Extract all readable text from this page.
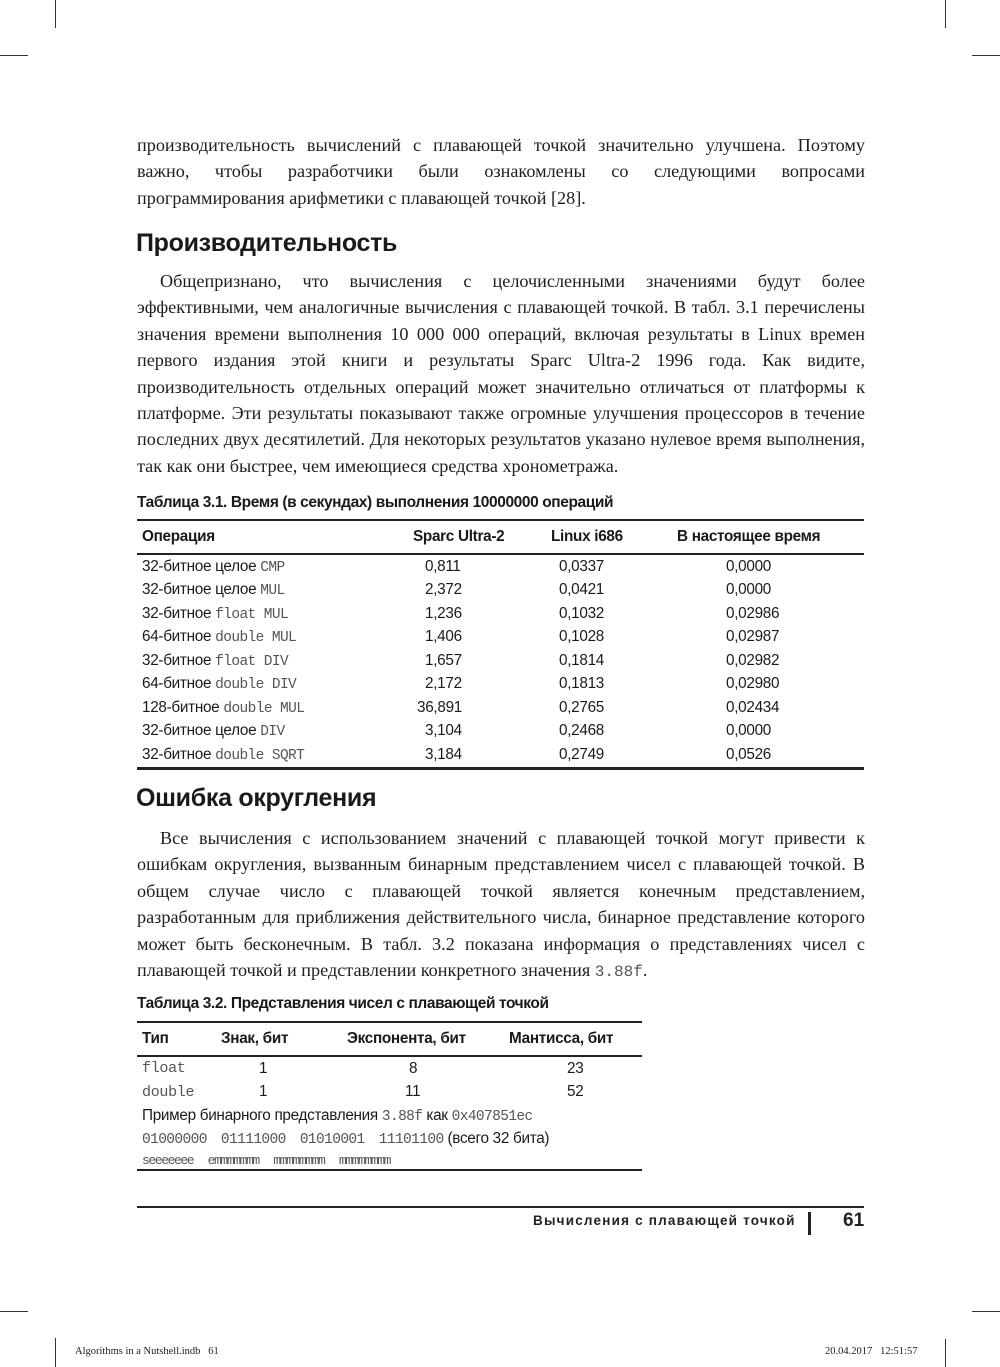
производительность вычислений с плавающей точкой значительно улучшена. Поэтому важно, чтобы разработчики были ознакомлены со следующими вопросами программирования арифметики с плавающей точкой [28].

Производительность

Общепризнано, что вычисления с целочисленными значениями будут более эффективными, чем аналогичные вычисления с плавающей точкой. В табл. 3.1 перечислены значения времени выполнения 10 000 000 операций, включая результаты в Linux времен первого издания этой книги и результаты Sparc Ultra-2 1996 года. Как видите, производительность отдельных операций может значительно отличаться от платформы к платформе. Эти результаты показывают также огромные улучшения процессоров в течение последних двух десятилетий. Для некоторых результатов указано нулевое время выполнения, так как они быстрее, чем имеющиеся средства хронометража.

Таблица 3.1. Время (в секундах) выполнения 10000000 операций
Операция	Sparc Ultra-2	Linux i686	В настоящее время
32-битное целое CMP	0,811	0,0337	0,0000
32-битное целое MUL	2,372	0,0421	0,0000
32-битное float MUL	1,236	0,1032	0,02986
64-битное double MUL	1,406	0,1028	0,02987
32-битное float DIV	1,657	0,1814	0,02982
64-битное double DIV	2,172	0,1813	0,02980
128-битное double MUL	36,891	0,2765	0,02434
32-битное целое DIV	3,104	0,2468	0,0000
32-битное double SQRT	3,184	0,2749	0,0526
Ошибка округления

Все вычисления с использованием значений с плавающей точкой могут привести к ошибкам округления, вызванным бинарным представлением чисел с плавающей точкой. В общем случае число с плавающей точкой является конечным представлением, разработанным для приближения действительного числа, бинарное представление которого может быть бесконечным. В табл. 3.2 показана информация о представлениях чисел с плавающей точкой и представлении конкретного значения 3.88f.

Таблица 3.2. Представления чисел с плавающей точкой
Тип	Знак, бит	Экспонента, бит	Мантисса, бит
float	1	8	23
double	1	11	52
Пример бинарного представления 3.88f как 0x407851ec			
01000000 01111000 01010001 11101100 (всего 32 бита)			
seeeeeee emmmmmmm mmmmmmmm mmmmmmmm			
Вычисления с плавающей точкой 61
Algorithms in a Nutshell.indb   61	20.04.2017   12:51:57
